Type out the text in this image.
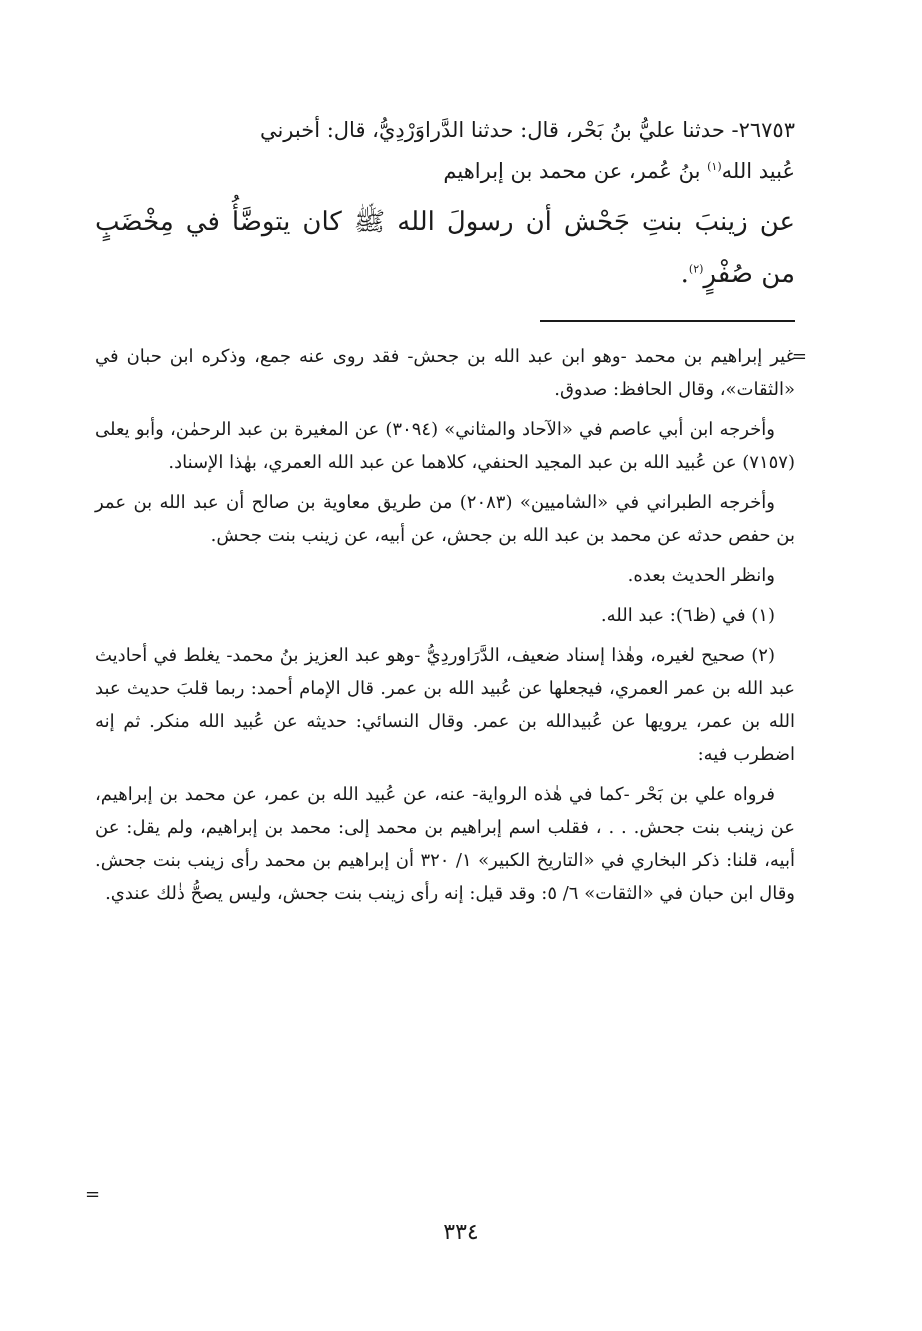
٢٦٧٥٣- حدثنا عليُّ بنُ بَحْر، قال: حدثنا الدَّراوَرْدِيُّ، قال: أخبرني
عُبيد الله$^{(١)}$ بنُ عُمر، عن محمد بن إبراهيم
عن زينبَ بنتِ جَحْش أن رسولَ الله ﷺ كان يتوضَّأُ في مِخْضَبٍ من صُفْرٍ$^{(٢)}$.
=

غير إبراهيم بن محمد -وهو ابن عبد الله بن جحش- فقد روى عنه جمع، وذكره ابن حبان في «الثقات»، وقال الحافظ: صدوق.

وأخرجه ابن أبي عاصم في «الآحاد والمثاني» (٣٠٩٤) عن المغيرة بن عبد الرحمٰن، وأبو يعلى (٧١٥٧) عن عُبيد الله بن عبد المجيد الحنفي، كلاهما عن عبد الله العمري، بهٰذا الإسناد.

وأخرجه الطبراني في «الشاميين» (٢٠٨٣) من طريق معاوية بن صالح أن عبد الله بن عمر بن حفص حدثه عن محمد بن عبد الله بن جحش، عن أبيه، عن زينب بنت جحش.

وانظر الحديث بعده.

(١) في (ظ٦): عبد الله.

(٢) صحيح لغيره، وهٰذا إسناد ضعيف، الدَّرَاوردِيُّ -وهو عبد العزيز بنُ محمد- يغلط في أحاديث عبد الله بن عمر العمري، فيجعلها عن عُبيد الله بن عمر. قال الإمام أحمد: ربما قلبَ حديث عبد الله بن عمر، يرويها عن عُبيدالله بن عمر. وقال النسائي: حديثه عن عُبيد الله منكر. ثم إنه اضطرب فيه:

فرواه علي بن بَحْر -كما في هٰذه الرواية- عنه، عن عُبيد الله بن عمر، عن محمد بن إبراهيم، عن زينب بنت جحش. . . ، فقلب اسم إبراهيم بن محمد إلى: محمد بن إبراهيم، ولم يقل: عن أبيه، قلنا: ذكر البخاري في «التاريخ الكبير» ١/ ٣٢٠ أن إبراهيم بن محمد رأى زينب بنت جحش. وقال ابن حبان في «الثقات» ٦/ ٥: وقد قيل: إنه رأى زينب بنت جحش، وليس يصحُّ ذٰلك عندي.

=
٣٣٤
